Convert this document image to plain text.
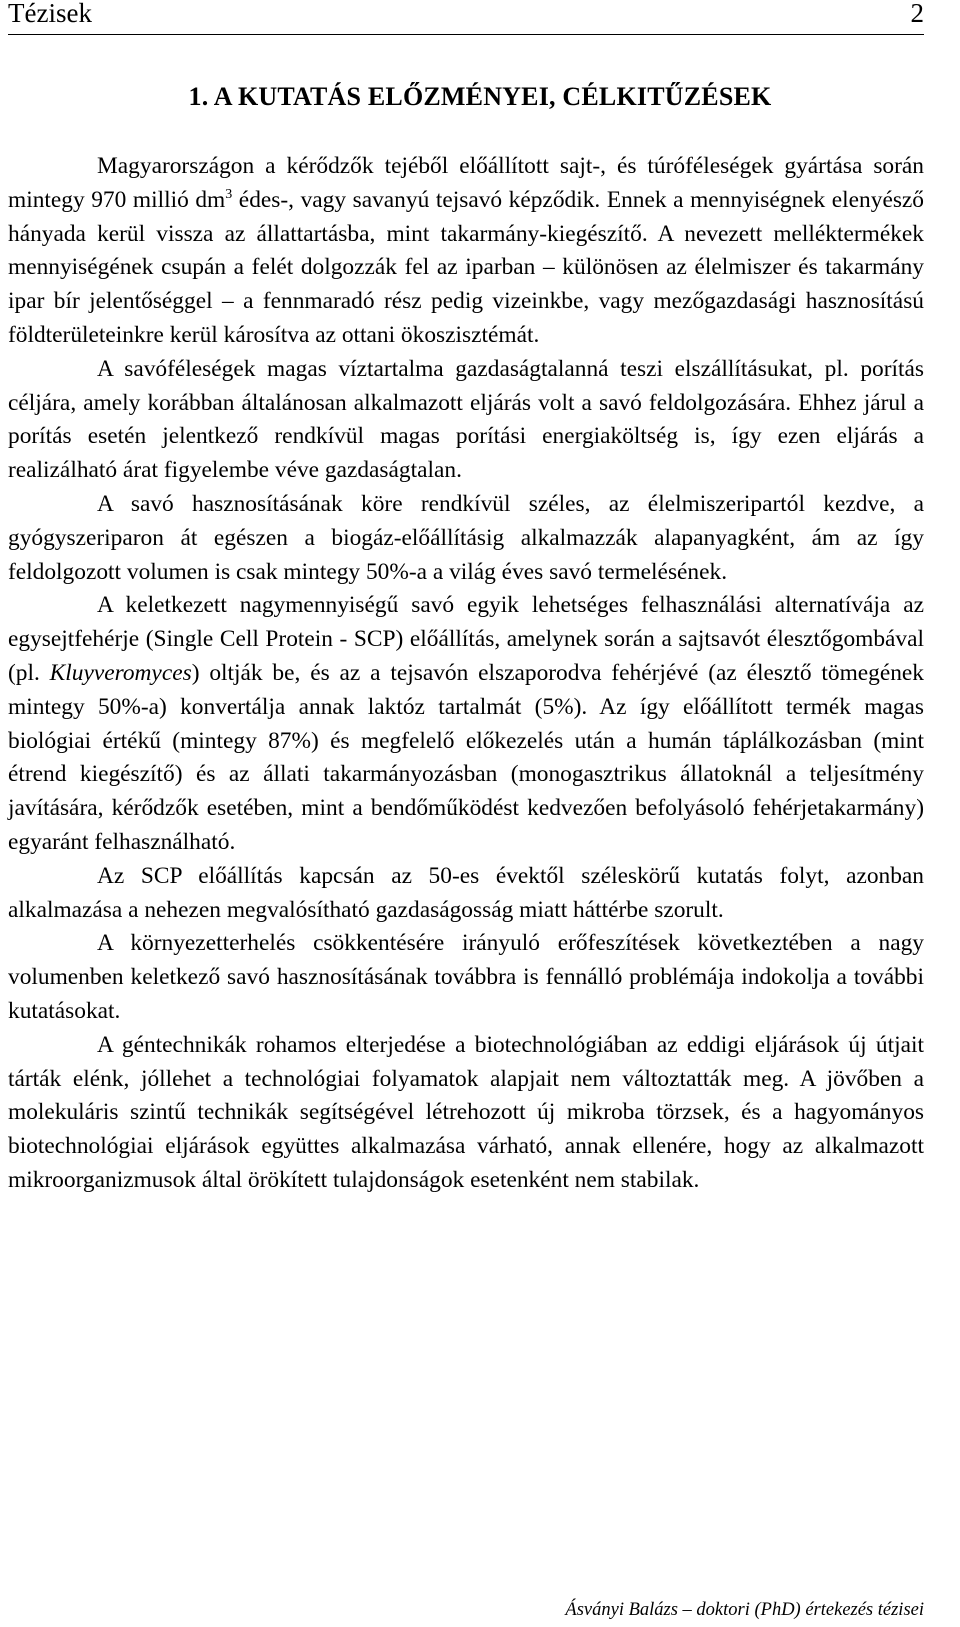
Tézisek	2
1. A KUTATÁS ELŐZMÉNYEI, CÉLKITŰZÉSEK

Magyarországon a kérődzők tejéből előállított sajt-, és túróféleségek gyártása során mintegy 970 millió $dm^3$ édes-, vagy savanyú tejsavó képződik. Ennek a mennyiségnek elenyésző hányada kerül vissza az állattartásba, mint takarmány-kiegészítő. A nevezett melléktermékek mennyiségének csupán a felét dolgozzák fel az iparban – különösen az élelmiszer és takarmány ipar bír jelentőséggel – a fennmaradó rész pedig vizeinkbe, vagy mezőgazdasági hasznosítású földterületeinkre kerül károsítva az ottani ökoszisztémát.

A savóféleségek magas víztartalma gazdaságtalanná teszi elszállításukat, pl. porítás céljára, amely korábban általánosan alkalmazott eljárás volt a savó feldolgozására. Ehhez járul a porítás esetén jelentkező rendkívül magas porítási energiaköltség is, így ezen eljárás a realizálható árat figyelembe véve gazdaságtalan.

A savó hasznosításának köre rendkívül széles, az élelmiszeripartól kezdve, a gyógyszeriparon át egészen a biogáz-előállításig alkalmazzák alapanyagként, ám az így feldolgozott volumen is csak mintegy 50%-a a világ éves savó termelésének.

A keletkezett nagymennyiségű savó egyik lehetséges felhasználási alternatívája az egysejtfehérje (Single Cell Protein - SCP) előállítás, amelynek során a sajtsavót élesztőgombával (pl. Kluyveromyces) oltják be, és az a tejsavón elszaporodva fehérjévé (az élesztő tömegének mintegy 50%-a) konvertálja annak laktóz tartalmát (5%). Az így előállított termék magas biológiai értékű (mintegy 87%) és megfelelő előkezelés után a humán táplálkozásban (mint étrend kiegészítő) és az állati takarmányozásban (monogasztrikus állatoknál a teljesítmény javítására, kérődzők esetében, mint a bendőműködést kedvezően befolyásoló fehérjetakarmány) egyaránt felhasználható.

Az SCP előállítás kapcsán az 50-es évektől széleskörű kutatás folyt, azonban alkalmazása a nehezen megvalósítható gazdaságosság miatt háttérbe szorult.

A környezetterhelés csökkentésére irányuló erőfeszítések következtében a nagy volumenben keletkező savó hasznosításának továbbra is fennálló problémája indokolja a további kutatásokat.

A géntechnikák rohamos elterjedése a biotechnológiában az eddigi eljárások új útjait tárták elénk, jóllehet a technológiai folyamatok alapjait nem változtatták meg. A jövőben a molekuláris szintű technikák segítségével létrehozott új mikroba törzsek, és a hagyományos biotechnológiai eljárások együttes alkalmazása várható, annak ellenére, hogy az alkalmazott mikroorganizmusok által örökített tulajdonságok esetenként nem stabilak.

Ásványi Balázs – doktori (PhD) értekezés tézisei
